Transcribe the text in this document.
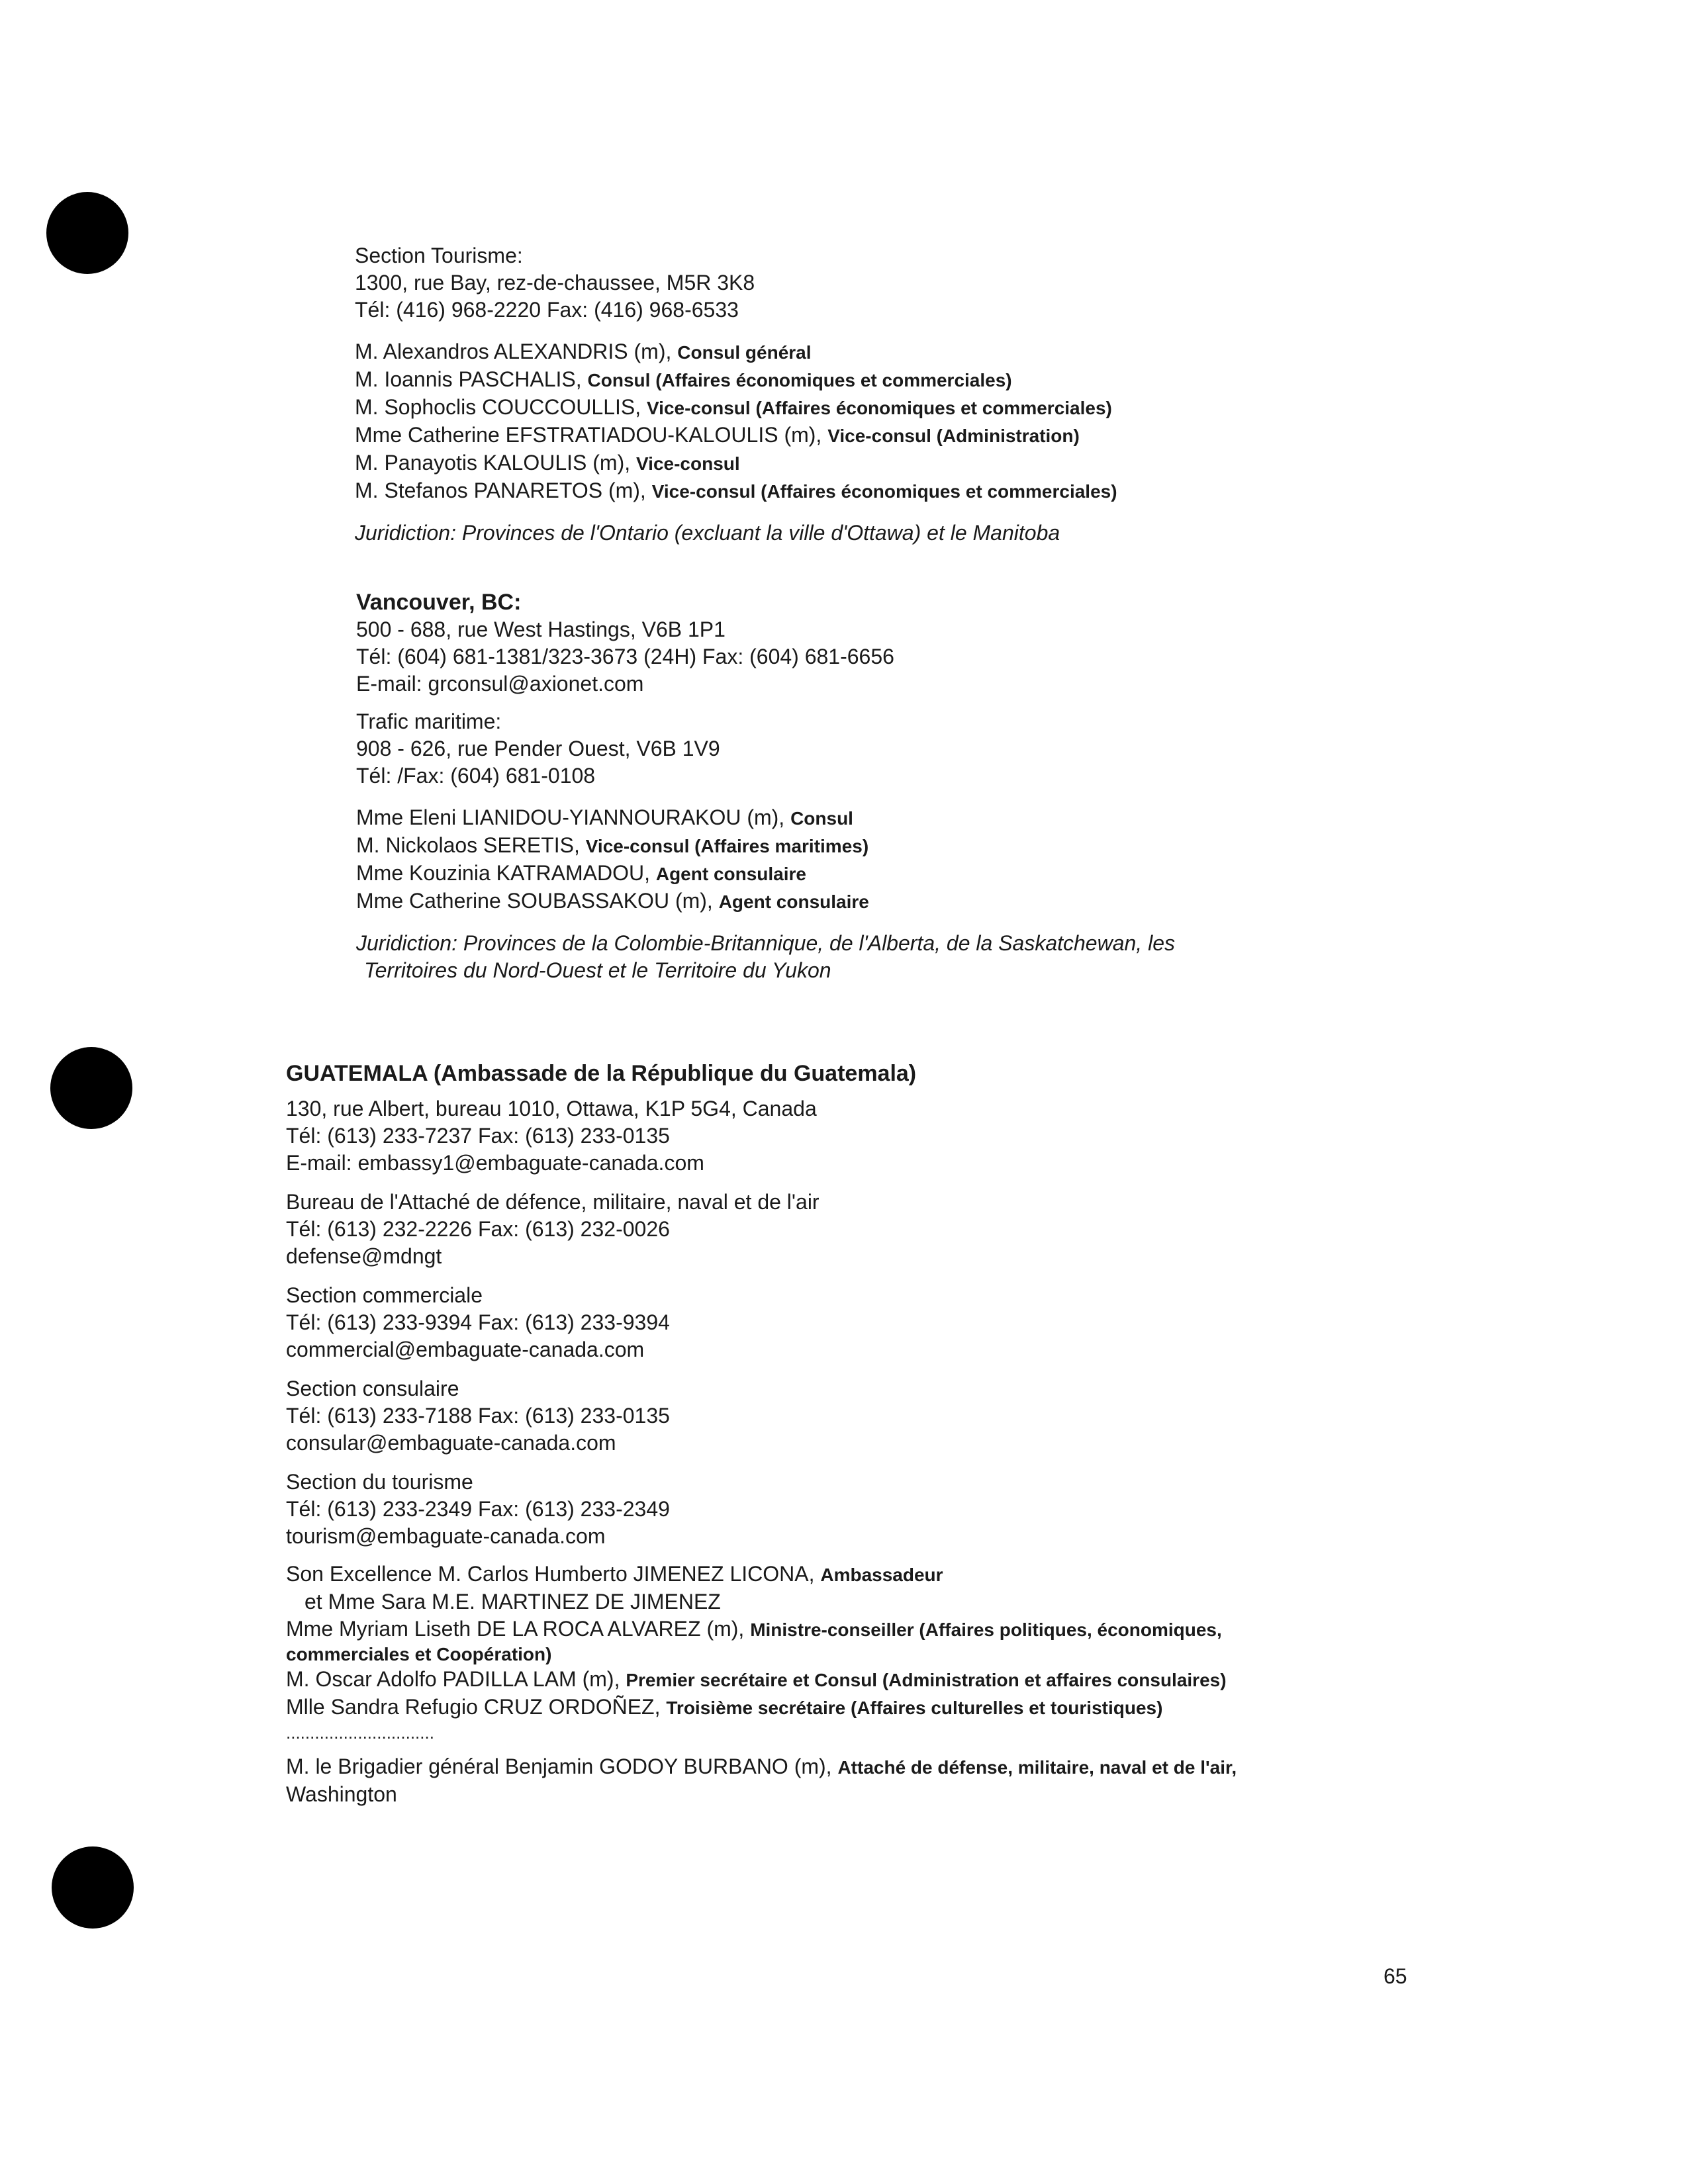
Section Tourisme:
1300, rue Bay, rez-de-chaussee, M5R 3K8
Tél: (416) 968-2220 Fax: (416) 968-6533
M. Alexandros ALEXANDRIS (m), Consul général
M. Ioannis PASCHALIS, Consul (Affaires économiques et commerciales)
M. Sophoclis COUCCOULLIS, Vice-consul (Affaires économiques et commerciales)
Mme Catherine EFSTRATIADOU-KALOULIS (m), Vice-consul (Administration)
M. Panayotis KALOULIS (m), Vice-consul
M. Stefanos PANARETOS (m), Vice-consul (Affaires économiques et commerciales)
Juridiction: Provinces de l'Ontario (excluant la ville d'Ottawa) et le Manitoba
Vancouver, BC:
500 - 688, rue West Hastings, V6B 1P1
Tél: (604) 681-1381/323-3673 (24H) Fax: (604) 681-6656
E-mail: grconsul@axionet.com
Trafic maritime:
908 - 626, rue Pender Ouest, V6B 1V9
Tél: /Fax: (604) 681-0108
Mme Eleni LIANIDOU-YIANNOURAKOU (m), Consul
M. Nickolaos SERETIS, Vice-consul (Affaires maritimes)
Mme Kouzinia KATRAMADOU, Agent consulaire
Mme Catherine SOUBASSAKOU (m), Agent consulaire
Juridiction: Provinces de la Colombie-Britannique, de l'Alberta, de la Saskatchewan, les
Territoires du Nord-Ouest et le Territoire du Yukon
GUATEMALA (Ambassade de la République du Guatemala)
130, rue Albert, bureau 1010, Ottawa, K1P 5G4, Canada
Tél: (613) 233-7237 Fax: (613) 233-0135
E-mail: embassy1@embaguate-canada.com
Bureau de l'Attaché de défence, militaire, naval et de l'air
Tél: (613) 232-2226 Fax: (613) 232-0026
defense@mdngt
Section commerciale
Tél: (613) 233-9394 Fax: (613) 233-9394
commercial@embaguate-canada.com
Section consulaire
Tél: (613) 233-7188 Fax: (613) 233-0135
consular@embaguate-canada.com
Section du tourisme
Tél: (613) 233-2349 Fax: (613) 233-2349
tourism@embaguate-canada.com
Son Excellence M. Carlos Humberto JIMENEZ LICONA, Ambassadeur
et Mme Sara M.E. MARTINEZ DE JIMENEZ
Mme Myriam Liseth DE LA ROCA ALVAREZ (m), Ministre-conseiller (Affaires politiques, économiques,
commerciales et Coopération)
M. Oscar Adolfo PADILLA LAM (m), Premier secrétaire et Consul (Administration et affaires consulaires)
Mlle Sandra Refugio CRUZ ORDOÑEZ, Troisième secrétaire (Affaires culturelles et touristiques)
...............................
M. le Brigadier général Benjamin GODOY BURBANO (m), Attaché de défense, militaire, naval et de l'air,
Washington
65
